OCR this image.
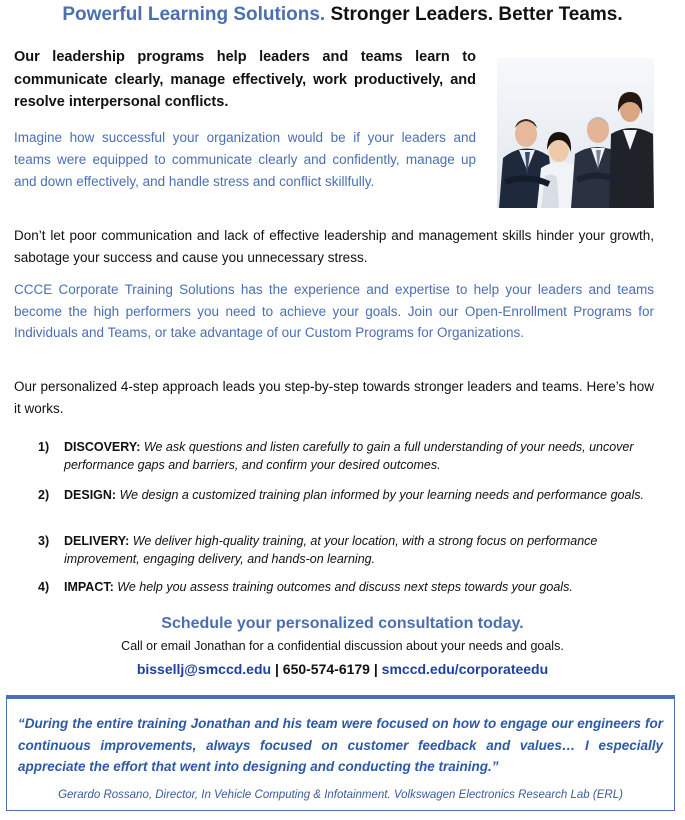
Powerful Learning Solutions. Stronger Leaders. Better Teams.

Our leadership programs help leaders and teams learn to communicate clearly, manage effectively, work productively, and resolve interpersonal conflicts.

Imagine how successful your organization would be if your leaders and teams were equipped to communicate clearly and confidently, manage up and down effectively, and handle stress and conflict skillfully.

Don’t let poor communication and lack of effective leadership and management skills hinder your growth, sabotage your success and cause you unnecessary stress.

CCCE Corporate Training Solutions has the experience and expertise to help your leaders and teams become the high performers you need to achieve your goals. Join our Open-Enrollment Programs for Individuals and Teams, or take advantage of our Custom Programs for Organizations.

Our personalized 4-step approach leads you step-by-step towards stronger leaders and teams. Here’s how it works.

1) DISCOVERY: We ask questions and listen carefully to gain a full understanding of your needs, uncover performance gaps and barriers, and confirm your desired outcomes.
2) DESIGN: We design a customized training plan informed by your learning needs and performance goals.
3) DELIVERY: We deliver high-quality training, at your location, with a strong focus on performance improvement, engaging delivery, and hands-on learning.
4) IMPACT: We help you assess training outcomes and discuss next steps towards your goals.
Schedule your personalized consultation today.
Call or email Jonathan for a confidential discussion about your needs and goals.
bissellj@smccd.edu | 650-574-6179 | smccd.edu/corporateedu

“During the entire training Jonathan and his team were focused on how to engage our engineers for continuous improvements, always focused on customer feedback and values… I especially appreciate the effort that went into designing and conducting the training.”

Gerardo Rossano, Director, In Vehicle Computing & Infotainment. Volkswagen Electronics Research Lab (ERL)
